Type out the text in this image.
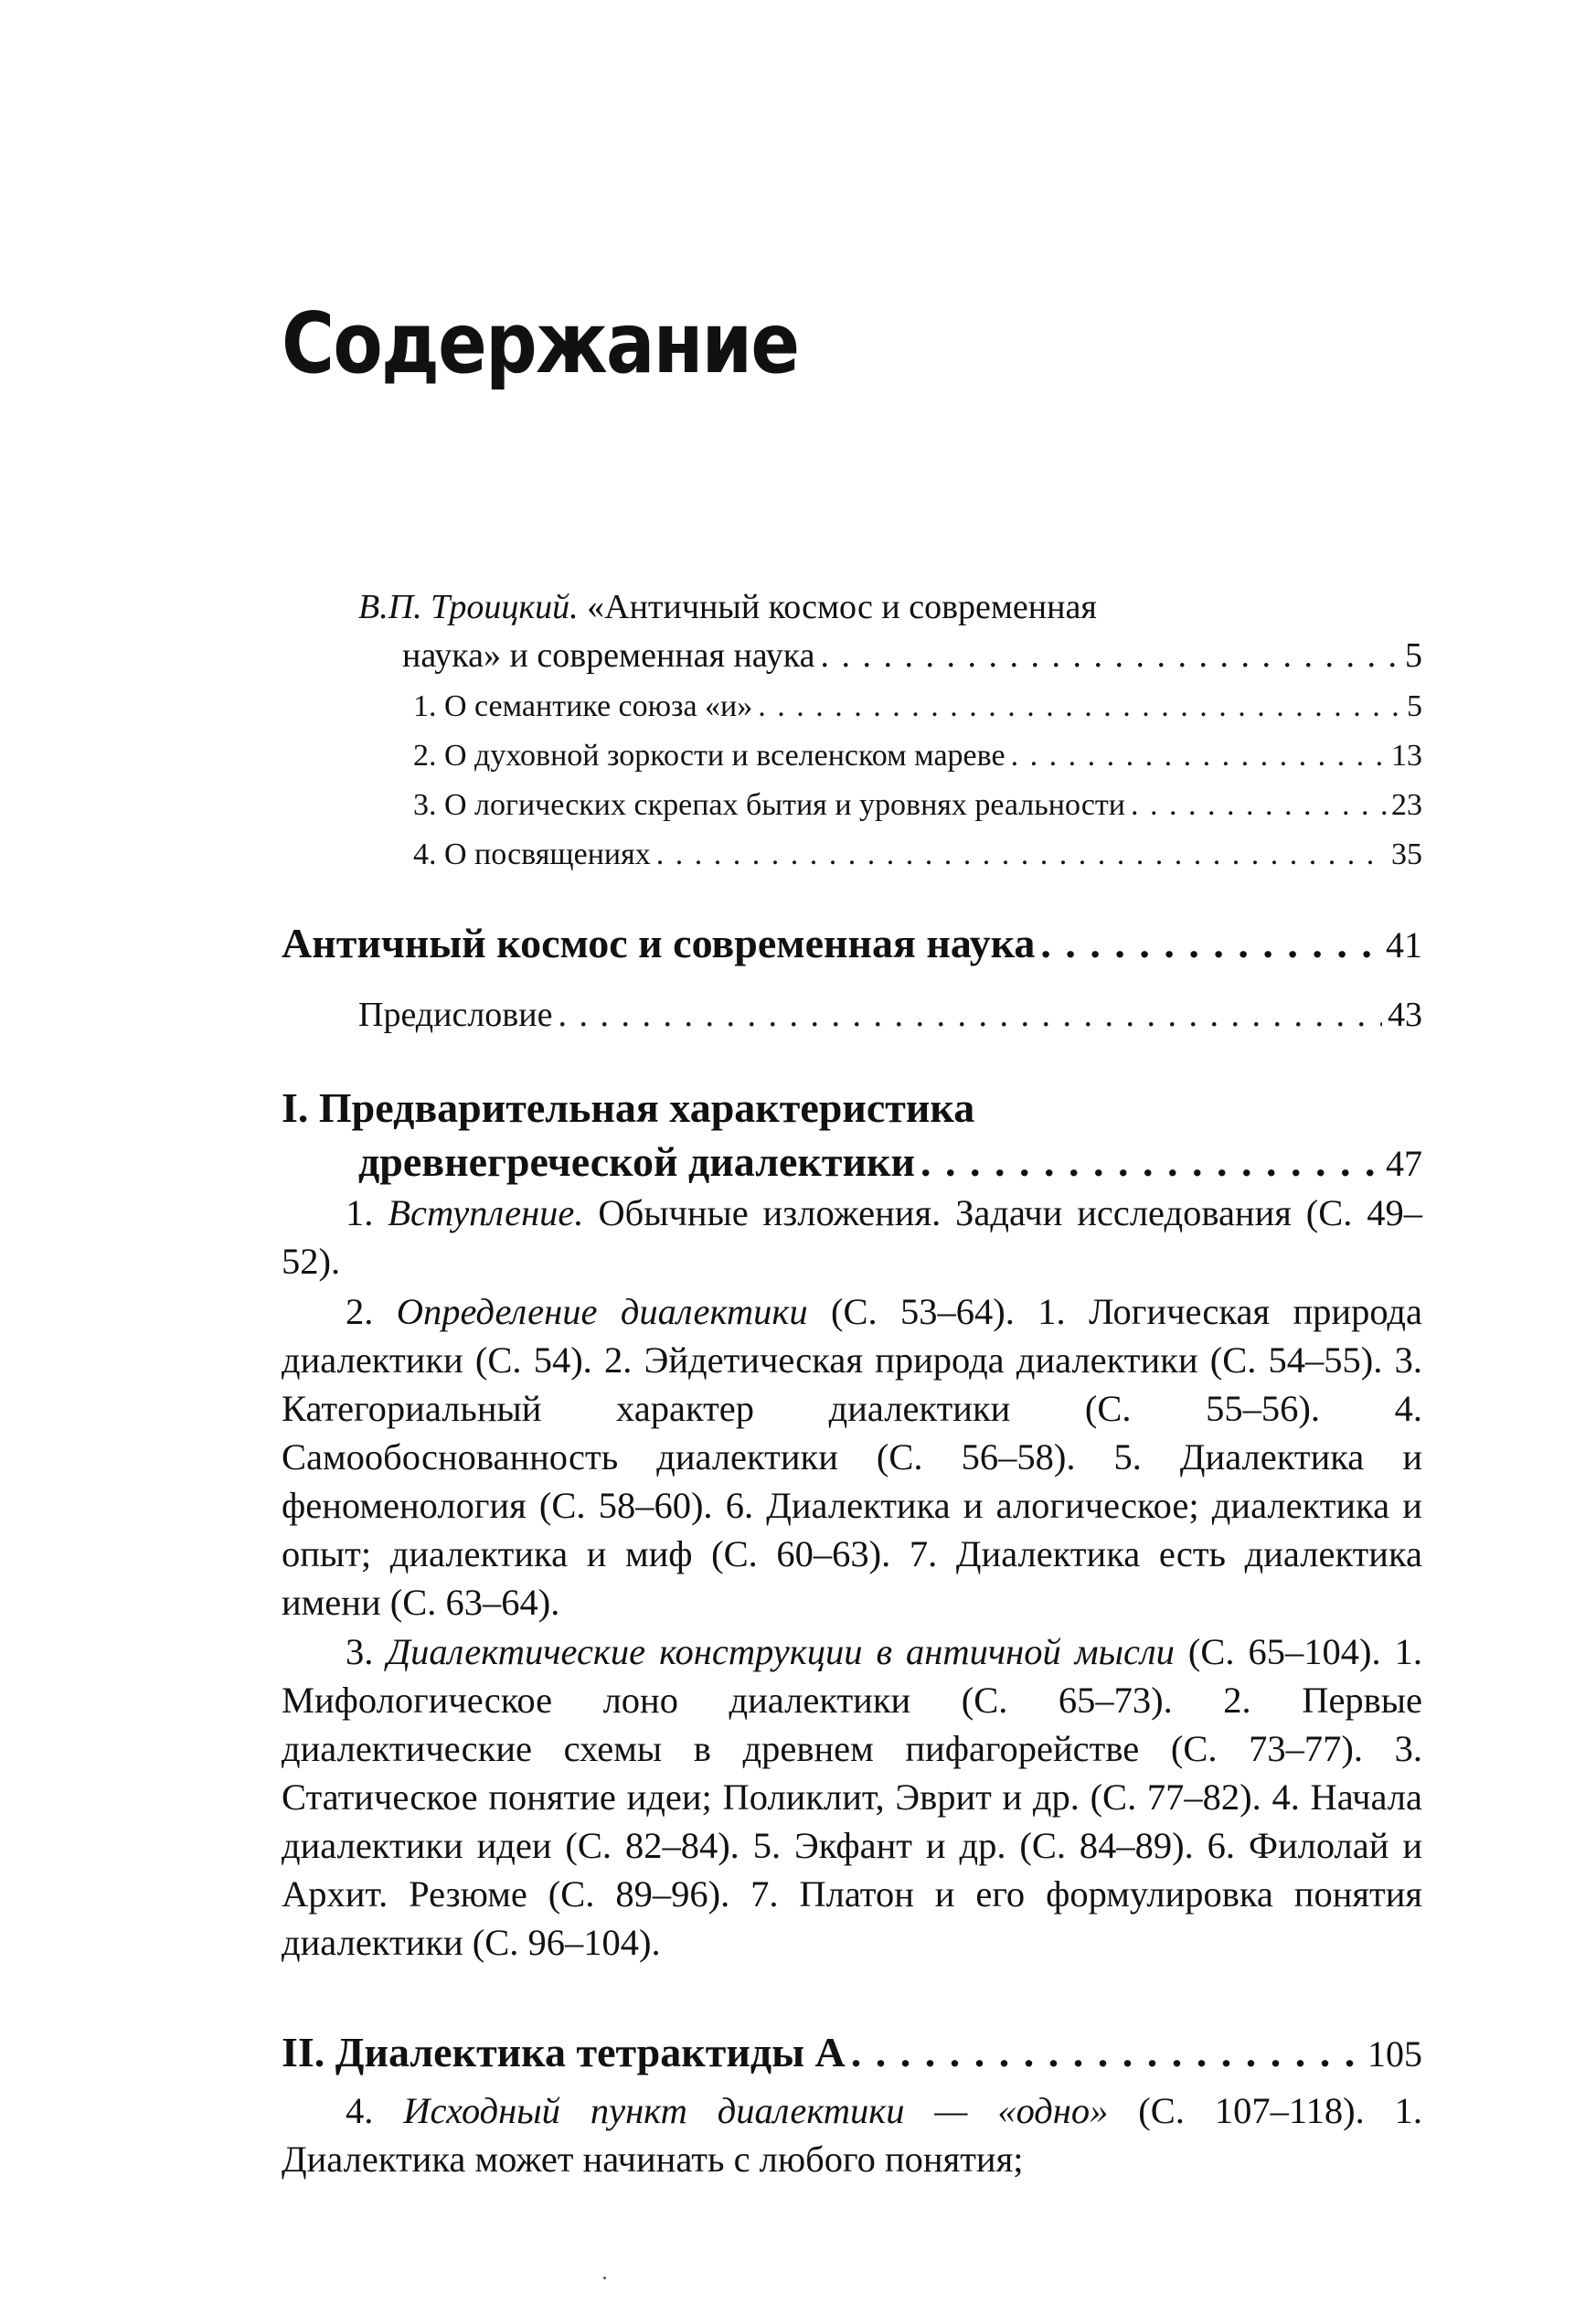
Содержание
В.П. Троицкий. «Античный космос и современная
наука» и современная наука . . .	5
1. О семантике союза «и» . . .	5
2. О духовной зоркости и вселенском мареве . . .	13
3. О логических скрепах бытия и уровнях реальности . . .	23
4. О посвящениях . . .	35
Античный космос и современная наука . . .	41
Предисловие . . .	43
I. Предварительная характеристика
древнегреческой диалектики . . .	47

1. Вступление. Обычные изложения. Задачи исследования (С. 49–52).

2. Определение диалектики (С. 53–64). 1. Логическая природа диалектики (С. 54). 2. Эйдетическая природа диалектики (С. 54–55). 3. Категориальный характер диалектики (С. 55–56). 4. Самообоснованность диалектики (С. 56–58). 5. Диалектика и феноменология (С. 58–60). 6. Диалектика и алогическое; диалектика и опыт; диалектика и миф (С. 60–63). 7. Диалектика есть диалектика имени (С. 63–64).

3. Диалектические конструкции в античной мысли (С. 65–104). 1. Мифологическое лоно диалектики (С. 65–73). 2. Первые диалектические схемы в древнем пифагорействе (С. 73–77). 3. Статическое понятие идеи; Поликлит, Эврит и др. (С. 77–82). 4. Начала диалектики идеи (С. 82–84). 5. Экфант и др. (С. 84–89). 6. Филолай и Архит. Резюме (С. 89–96). 7. Платон и его формулировка понятия диалектики (С. 96–104).

II. Диалектика тетрактиды А . . .	105

4. Исходный пункт диалектики — «одно» (С. 107–118). 1. Диалектика может начинать с любого понятия;
